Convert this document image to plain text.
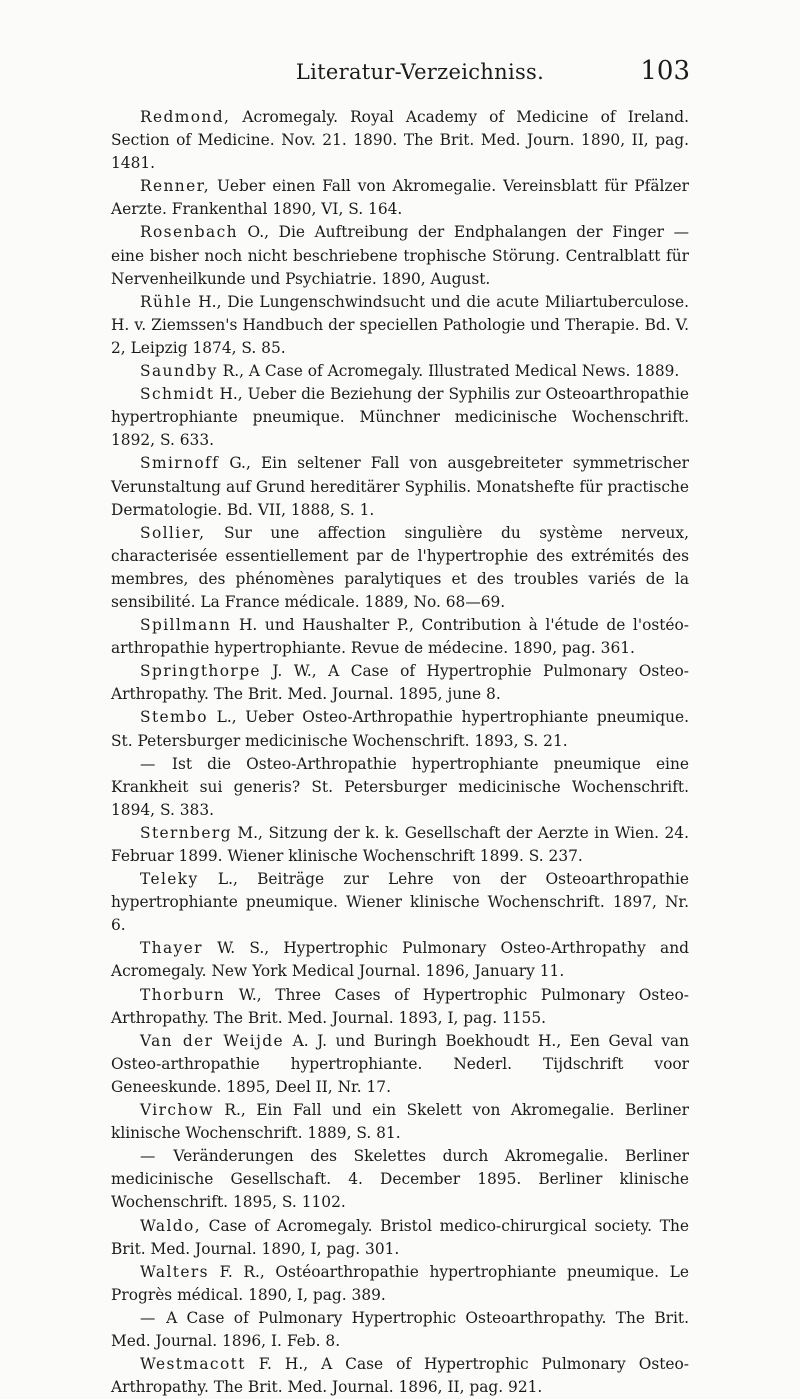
Literatur-Verzeichniss.	103

Redmond, Acromegaly. Royal Academy of Medicine of Ireland. Section of Medicine. Nov. 21. 1890. The Brit. Med. Journ. 1890, II, pag. 1481.

Renner, Ueber einen Fall von Akromegalie. Vereinsblatt für Pfälzer Aerzte. Frankenthal 1890, VI, S. 164.

Rosenbach O., Die Auftreibung der Endphalangen der Finger — eine bisher noch nicht beschriebene trophische Störung. Centralblatt für Nervenheilkunde und Psychiatrie. 1890, August.

Rühle H., Die Lungenschwindsucht und die acute Miliartuberculose. H. v. Ziemssen's Handbuch der speciellen Pathologie und Therapie. Bd. V. 2, Leipzig 1874, S. 85.

Saundby R., A Case of Acromegaly. Illustrated Medical News. 1889.

Schmidt H., Ueber die Beziehung der Syphilis zur Osteoarthropathie hypertrophiante pneumique. Münchner medicinische Wochenschrift. 1892, S. 633.

Smirnoff G., Ein seltener Fall von ausgebreiteter symmetrischer Verunstaltung auf Grund hereditärer Syphilis. Monatshefte für practische Dermatologie. Bd. VII, 1888, S. 1.

Sollier, Sur une affection singulière du système nerveux, characterisée essentiellement par de l'hypertrophie des extrémités des membres, des phénomènes paralytiques et des troubles variés de la sensibilité. La France médicale. 1889, No. 68—69.

Spillmann H. und Haushalter P., Contribution à l'étude de l'ostéo-arthropathie hypertrophiante. Revue de médecine. 1890, pag. 361.

Springthorpe J. W., A Case of Hypertrophie Pulmonary Osteo-Arthropathy. The Brit. Med. Journal. 1895, june 8.

Stembo L., Ueber Osteo-Arthropathie hypertrophiante pneumique. St. Petersburger medicinische Wochenschrift. 1893, S. 21.

— Ist die Osteo-Arthropathie hypertrophiante pneumique eine Krankheit sui generis? St. Petersburger medicinische Wochenschrift. 1894, S. 383.

Sternberg M., Sitzung der k. k. Gesellschaft der Aerzte in Wien. 24. Februar 1899. Wiener klinische Wochenschrift 1899. S. 237.

Teleky L., Beiträge zur Lehre von der Osteoarthropathie hypertrophiante pneumique. Wiener klinische Wochenschrift. 1897, Nr. 6.

Thayer W. S., Hypertrophic Pulmonary Osteo-Arthropathy and Acromegaly. New York Medical Journal. 1896, January 11.

Thorburn W., Three Cases of Hypertrophic Pulmonary Osteo-Arthropathy. The Brit. Med. Journal. 1893, I, pag. 1155.

Van der Weijde A. J. und Buringh Boekhoudt H., Een Geval van Osteo-arthropathie hypertrophiante. Nederl. Tijdschrift voor Geneeskunde. 1895, Deel II, Nr. 17.

Virchow R., Ein Fall und ein Skelett von Akromegalie. Berliner klinische Wochenschrift. 1889, S. 81.

— Veränderungen des Skelettes durch Akromegalie. Berliner medicinische Gesellschaft. 4. December 1895. Berliner klinische Wochenschrift. 1895, S. 1102.

Waldo, Case of Acromegaly. Bristol medico-chirurgical society. The Brit. Med. Journal. 1890, I, pag. 301.

Walters F. R., Ostéoarthropathie hypertrophiante pneumique. Le Progrès médical. 1890, I, pag. 389.

— A Case of Pulmonary Hypertrophic Osteoarthropathy. The Brit. Med. Journal. 1896, I. Feb. 8.

Westmacott F. H., A Case of Hypertrophic Pulmonary Osteo-Arthropathy. The Brit. Med. Journal. 1896, II, pag. 921.
